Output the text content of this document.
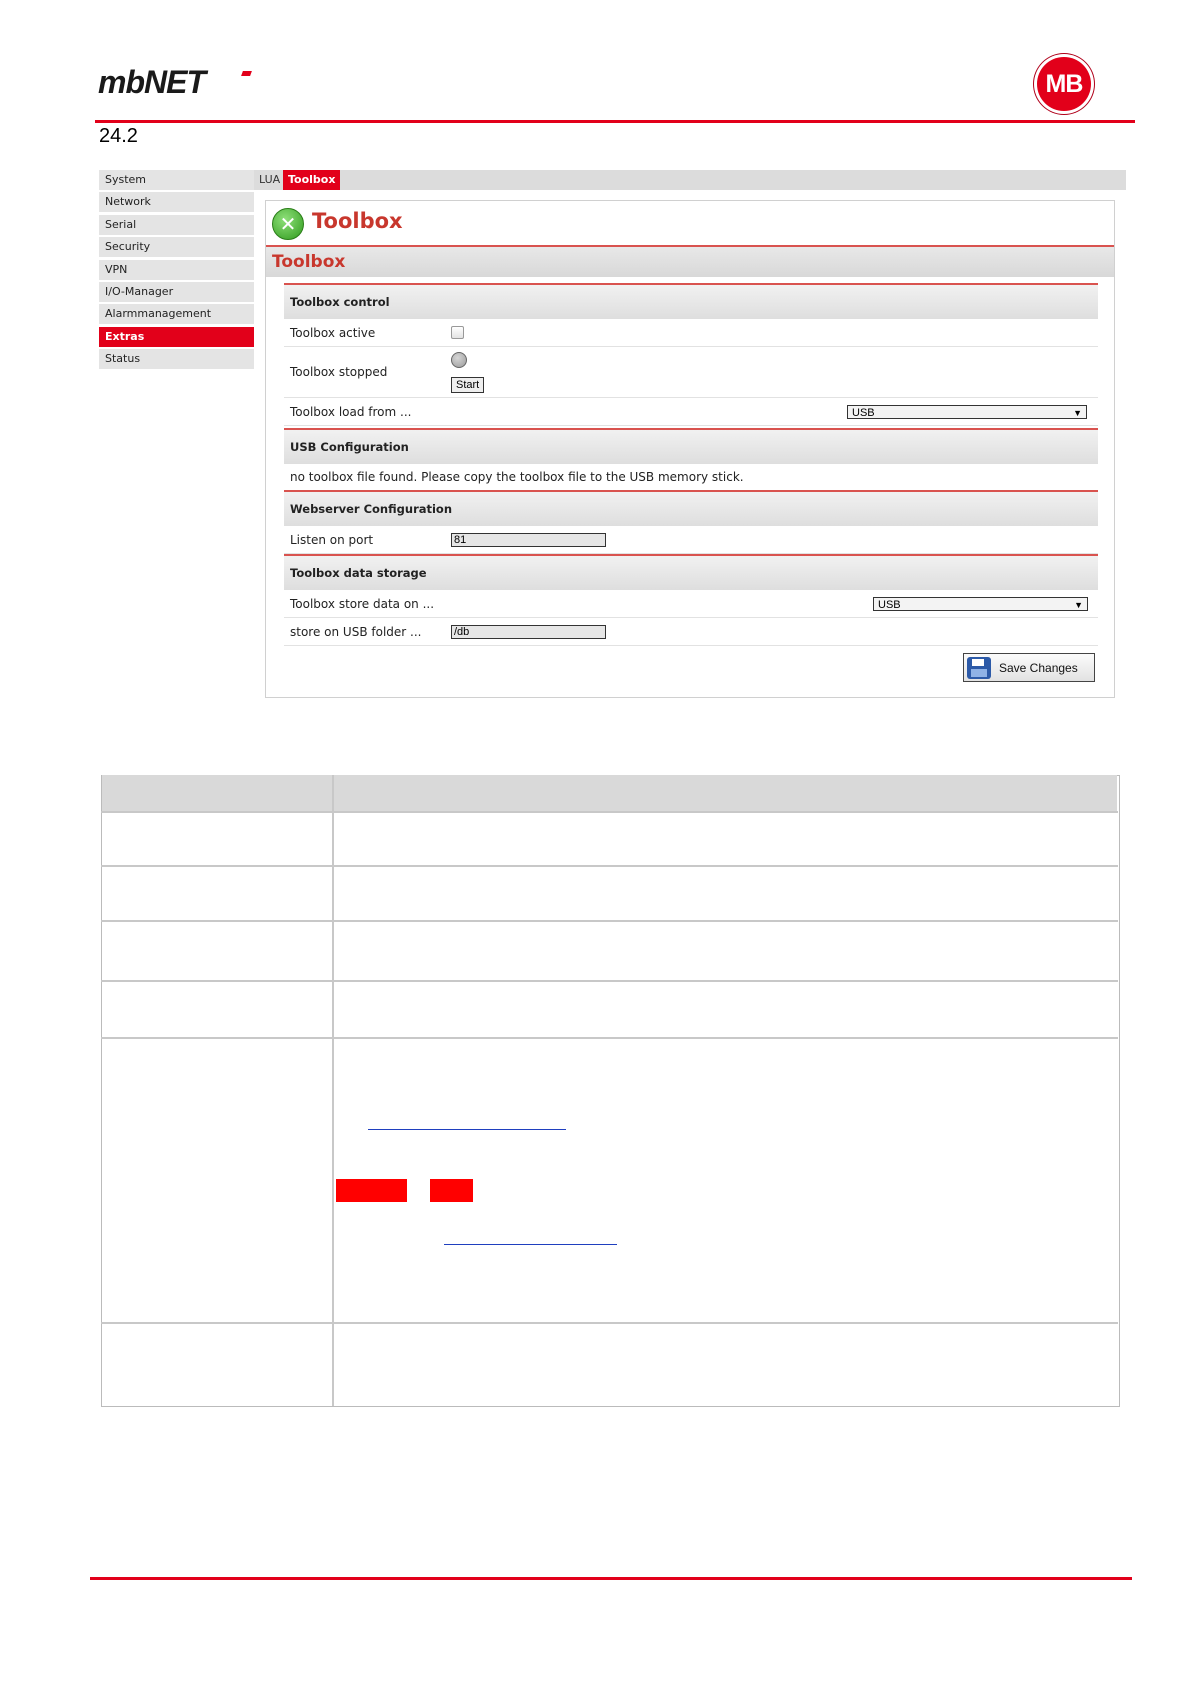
mbNET	MB
24.2
System
Network
Serial
Security
VPN
I/O-Manager
Alarmmanagement
Extras
Status
LUA Toolbox
✕ Toolbox
Toolbox
Toolbox control
Toolbox active
Toolbox stopped
Start
Toolbox load from ...	USB	▼
USB Configuration
no toolbox file found. Please copy the toolbox file to the USB memory stick.
Webserver Configuration
Listen on port	81
Toolbox data storage
Toolbox store data on ...	USB	▼
store on USB folder ...	/db
Save Changes
